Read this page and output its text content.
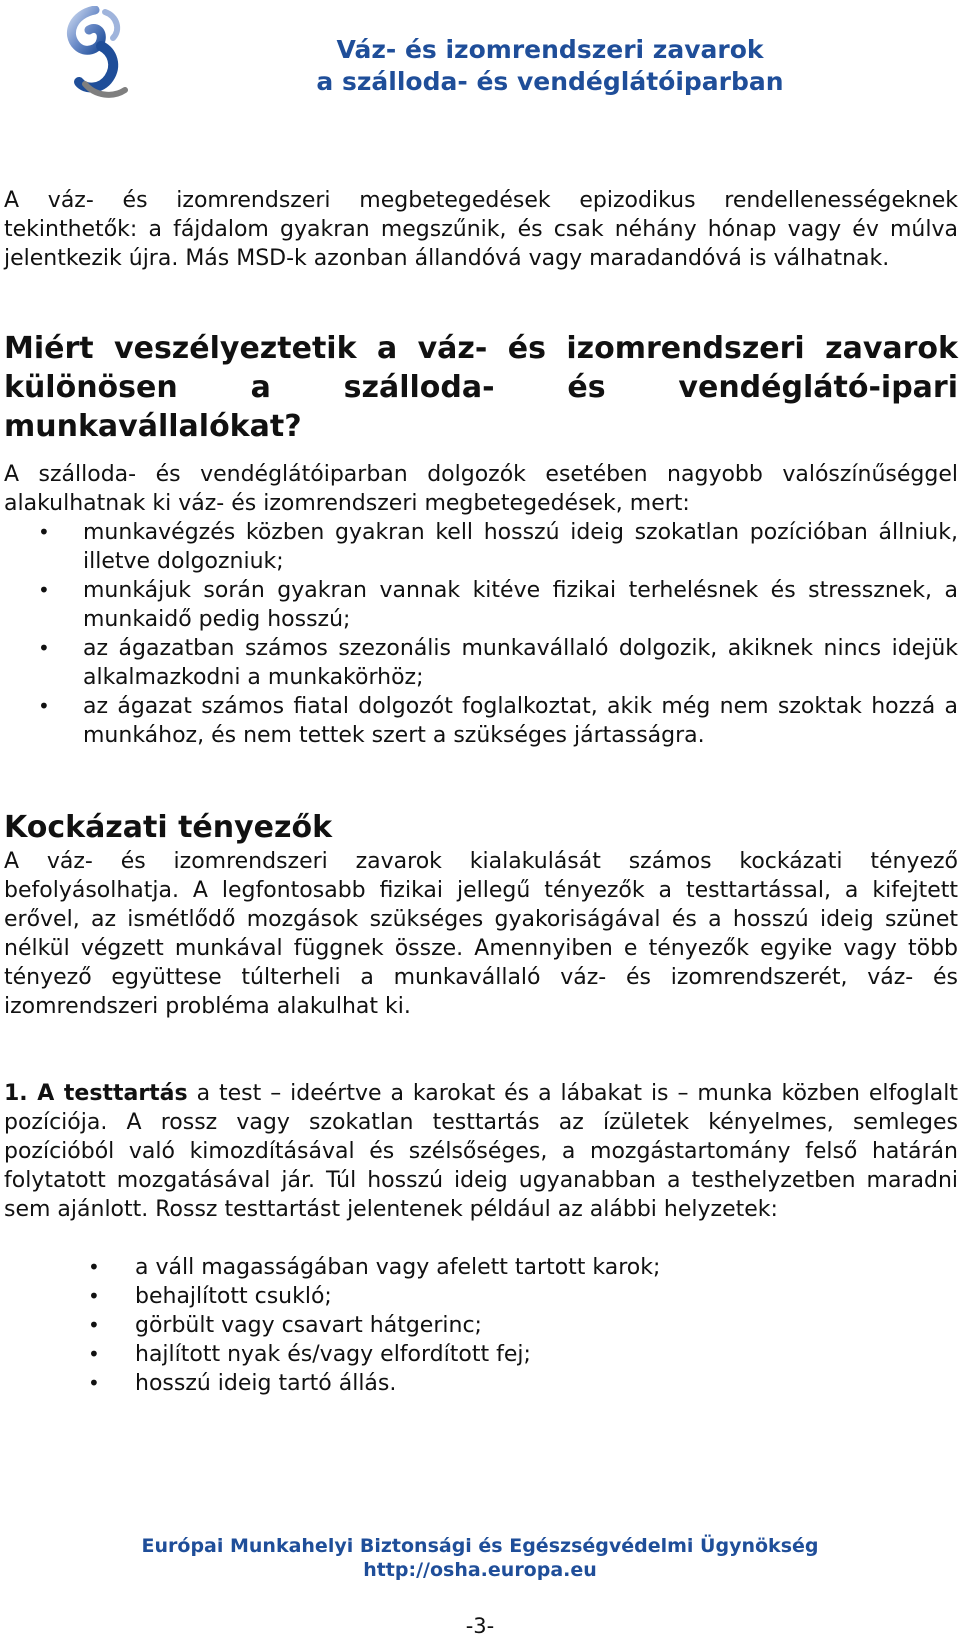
Váz- és izomrendszeri zavarok
a szálloda- és vendéglátóiparban

A váz- és izomrendszeri megbetegedések epizodikus rendellenességeknek tekinthetők: a fájdalom gyakran megszűnik, és csak néhány hónap vagy év múlva jelentkezik újra. Más MSD-k azonban állandóvá vagy maradandóvá is válhatnak.

Miért veszélyeztetik a váz- és izomrendszeri zavarok különösen a szálloda- és vendéglátó-ipari munkavállalókat?

A szálloda- és vendéglátóiparban dolgozók esetében nagyobb valószínűséggel alakulhatnak ki váz- és izomrendszeri megbetegedések, mert:

• munkavégzés közben gyakran kell hosszú ideig szokatlan pozícióban állniuk, illetve dolgozniuk;
• munkájuk során gyakran vannak kitéve fizikai terhelésnek és stressznek, a munkaidő pedig hosszú;
• az ágazatban számos szezonális munkavállaló dolgozik, akiknek nincs idejük alkalmazkodni a munkakörhöz;
• az ágazat számos fiatal dolgozót foglalkoztat, akik még nem szoktak hozzá a munkához, és nem tettek szert a szükséges jártasságra.
Kockázati tényezők

A váz- és izomrendszeri zavarok kialakulását számos kockázati tényező befolyásolhatja. A legfontosabb fizikai jellegű tényezők a testtartással, a kifejtett erővel, az ismétlődő mozgások szükséges gyakoriságával és a hosszú ideig szünet nélkül végzett munkával függnek össze. Amennyiben e tényezők egyike vagy több tényező együttese túlterheli a munkavállaló váz- és izomrendszerét, váz- és izomrendszeri probléma alakulhat ki.

1. A testtartás a test – ideértve a karokat és a lábakat is – munka közben elfoglalt pozíciója. A rossz vagy szokatlan testtartás az ízületek kényelmes, semleges pozícióból való kimozdításával és szélsőséges, a mozgástartomány felső határán folytatott mozgatásával jár. Túl hosszú ideig ugyanabban a testhelyzetben maradni sem ajánlott. Rossz testtartást jelentenek például az alábbi helyzetek:

• a váll magasságában vagy afelett tartott karok;
• behajlított csukló;
• görbült vagy csavart hátgerinc;
• hajlított nyak és/vagy elfordított fej;
• hosszú ideig tartó állás.
Európai Munkahelyi Biztonsági és Egészségvédelmi Ügynökség
http://osha.europa.eu
-3-
